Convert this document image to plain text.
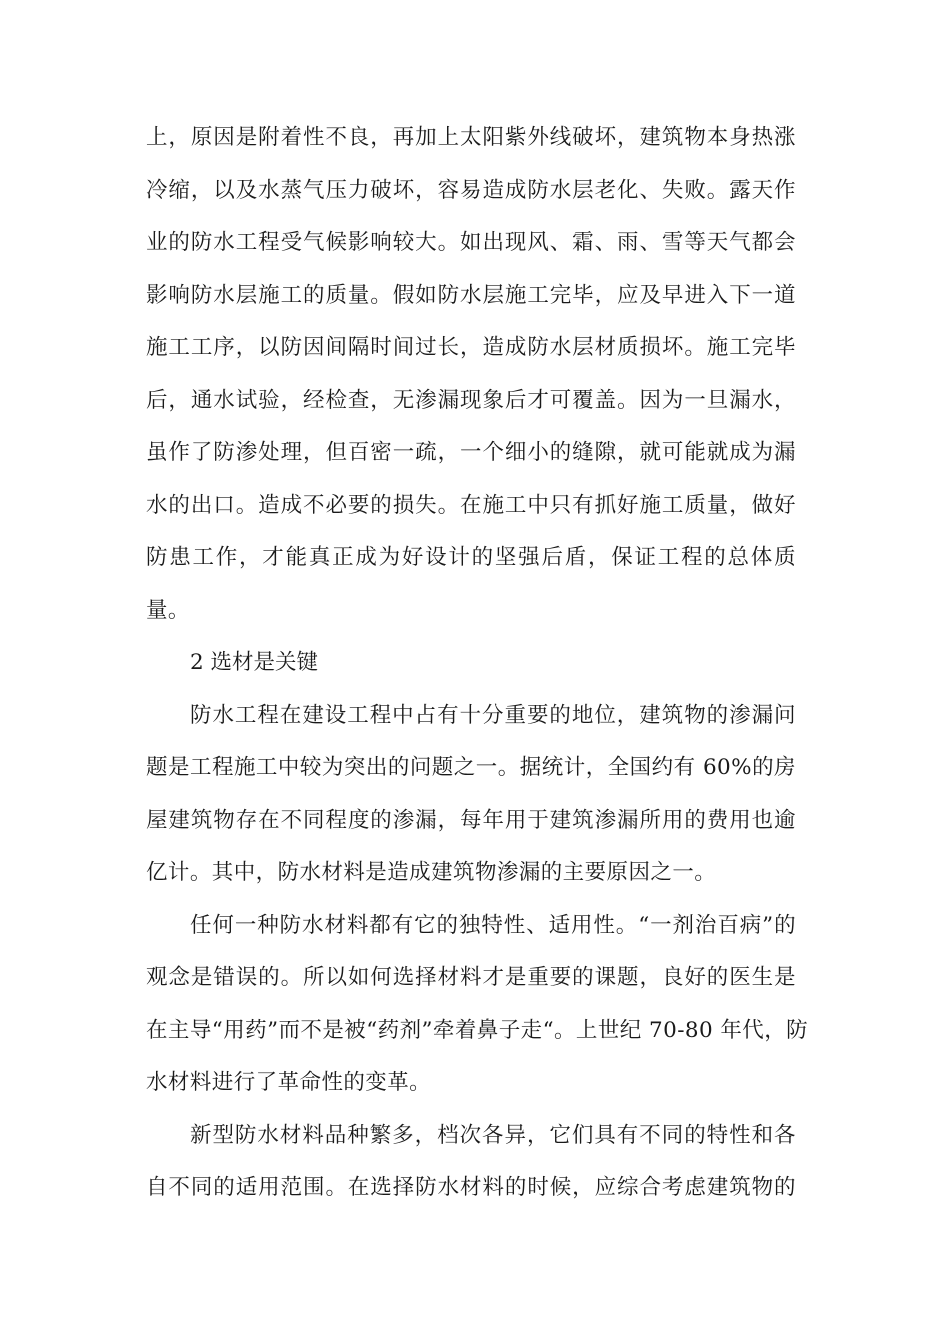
上，原因是附着性不良，再加上太阳紫外线破坏，建筑物本身热涨
冷缩，以及水蒸气压力破坏，容易造成防水层老化、失败。露天作
业的防水工程受气候影响较大。如出现风、霜、雨、雪等天气都会
影响防水层施工的质量。假如防水层施工完毕，应及早进入下一道
施工工序，以防因间隔时间过长，造成防水层材质损坏。施工完毕
后，通水试验，经检查，无渗漏现象后才可覆盖。因为一旦漏水，
虽作了防渗处理，但百密一疏，一个细小的缝隙，就可能就成为漏
水的出口。造成不必要的损失。在施工中只有抓好施工质量，做好
防患工作，才能真正成为好设计的坚强后盾，保证工程的总体质
量。
2 选材是关键
防水工程在建设工程中占有十分重要的地位，建筑物的渗漏问
题是工程施工中较为突出的问题之一。据统计，全国约有 60%的房
屋建筑物存在不同程度的渗漏，每年用于建筑渗漏所用的费用也逾
亿计。其中，防水材料是造成建筑物渗漏的主要原因之一。
任何一种防水材料都有它的独特性、适用性。“一剂治百病”的
观念是错误的。所以如何选择材料才是重要的课题，良好的医生是
在主导“用药”而不是被“药剂”牵着鼻子走“。上世纪 70-80 年代，防
水材料进行了革命性的变革。
新型防水材料品种繁多，档次各异，它们具有不同的特性和各
自不同的适用范围。在选择防水材料的时候，应综合考虑建筑物的
